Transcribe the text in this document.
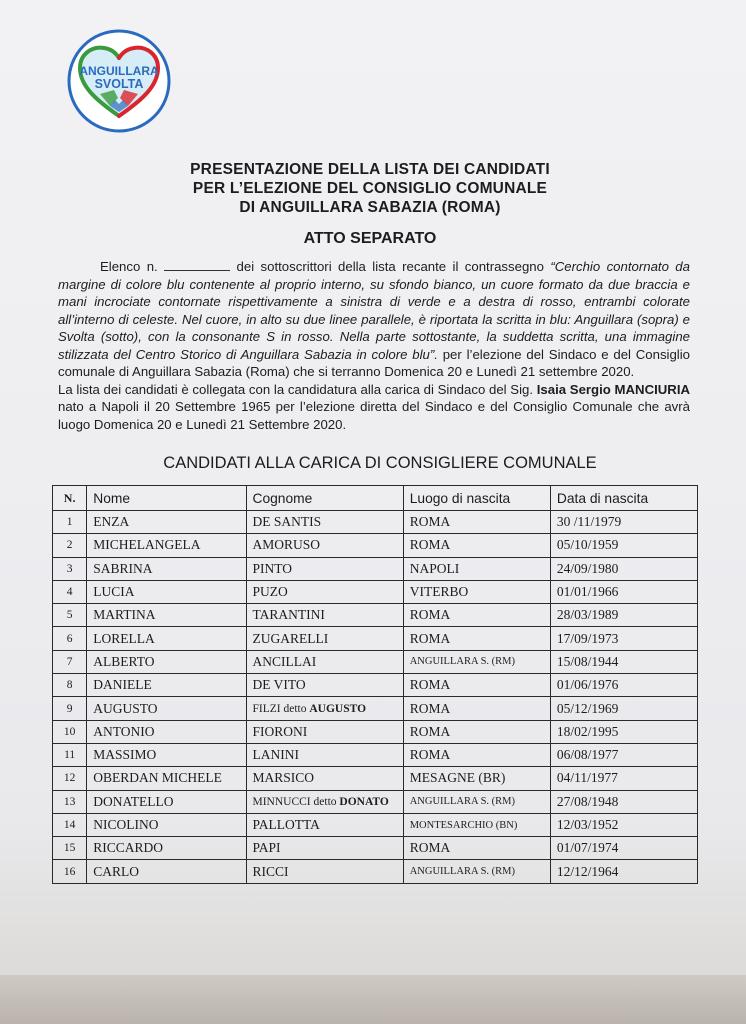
ANGUILLARA
SVOLTA
PRESENTAZIONE DELLA LISTA DEI CANDIDATI
PER L’ELEZIONE DEL CONSIGLIO COMUNALE
DI ANGUILLARA SABAZIA (ROMA)
ATTO SEPARATO

Elenco n.	dei sottoscrittori della lista recante il contrassegno “Cerchio contornato da margine di colore blu contenente al proprio interno, su sfondo bianco, un cuore formato da due braccia e mani incrociate contornate rispettivamente a sinistra di verde e a destra di rosso, entrambi colorate all’interno di celeste. Nel cuore, in alto su due linee parallele, è riportata la scritta in blu: Anguillara (sopra) e Svolta (sotto), con la consonante S in rosso. Nella parte sottostante, la suddetta scritta, una immagine stilizzata del Centro Storico di Anguillara Sabazia in colore blu”. per l’elezione del Sindaco e del Consiglio comunale di Anguillara Sabazia (Roma) che si terranno Domenica 20 e Lunedì 21 settembre 2020.

La lista dei candidati è collegata con la candidatura alla carica di Sindaco del Sig. Isaia Sergio MANCIURIA nato a Napoli il 20 Settembre 1965 per l’elezione diretta del Sindaco e del Consiglio Comunale che avrà luogo Domenica 20 e Lunedì 21 Settembre 2020.

CANDIDATI ALLA CARICA DI CONSIGLIERE COMUNALE
N.	Nome	Cognome	Luogo di nascita	Data di nascita
1	ENZA	DE SANTIS	ROMA	30 /11/1979
2	MICHELANGELA	AMORUSO	ROMA	05/10/1959
3	SABRINA	PINTO	NAPOLI	24/09/1980
4	LUCIA	PUZO	VITERBO	01/01/1966
5	MARTINA	TARANTINI	ROMA	28/03/1989
6	LORELLA	ZUGARELLI	ROMA	17/09/1973
7	ALBERTO	ANCILLAI	ANGUILLARA S. (RM)	15/08/1944
8	DANIELE	DE VITO	ROMA	01/06/1976
9	AUGUSTO	FILZI detto AUGUSTO	ROMA	05/12/1969
10	ANTONIO	FIORONI	ROMA	18/02/1995
11	MASSIMO	LANINI	ROMA	06/08/1977
12	OBERDAN MICHELE	MARSICO	MESAGNE (BR)	04/11/1977
13	DONATELLO	MINNUCCI detto DONATO	ANGUILLARA S. (RM)	27/08/1948
14	NICOLINO	PALLOTTA	MONTESARCHIO (BN)	12/03/1952
15	RICCARDO	PAPI	ROMA	01/07/1974
16	CARLO	RICCI	ANGUILLARA S. (RM)	12/12/1964
